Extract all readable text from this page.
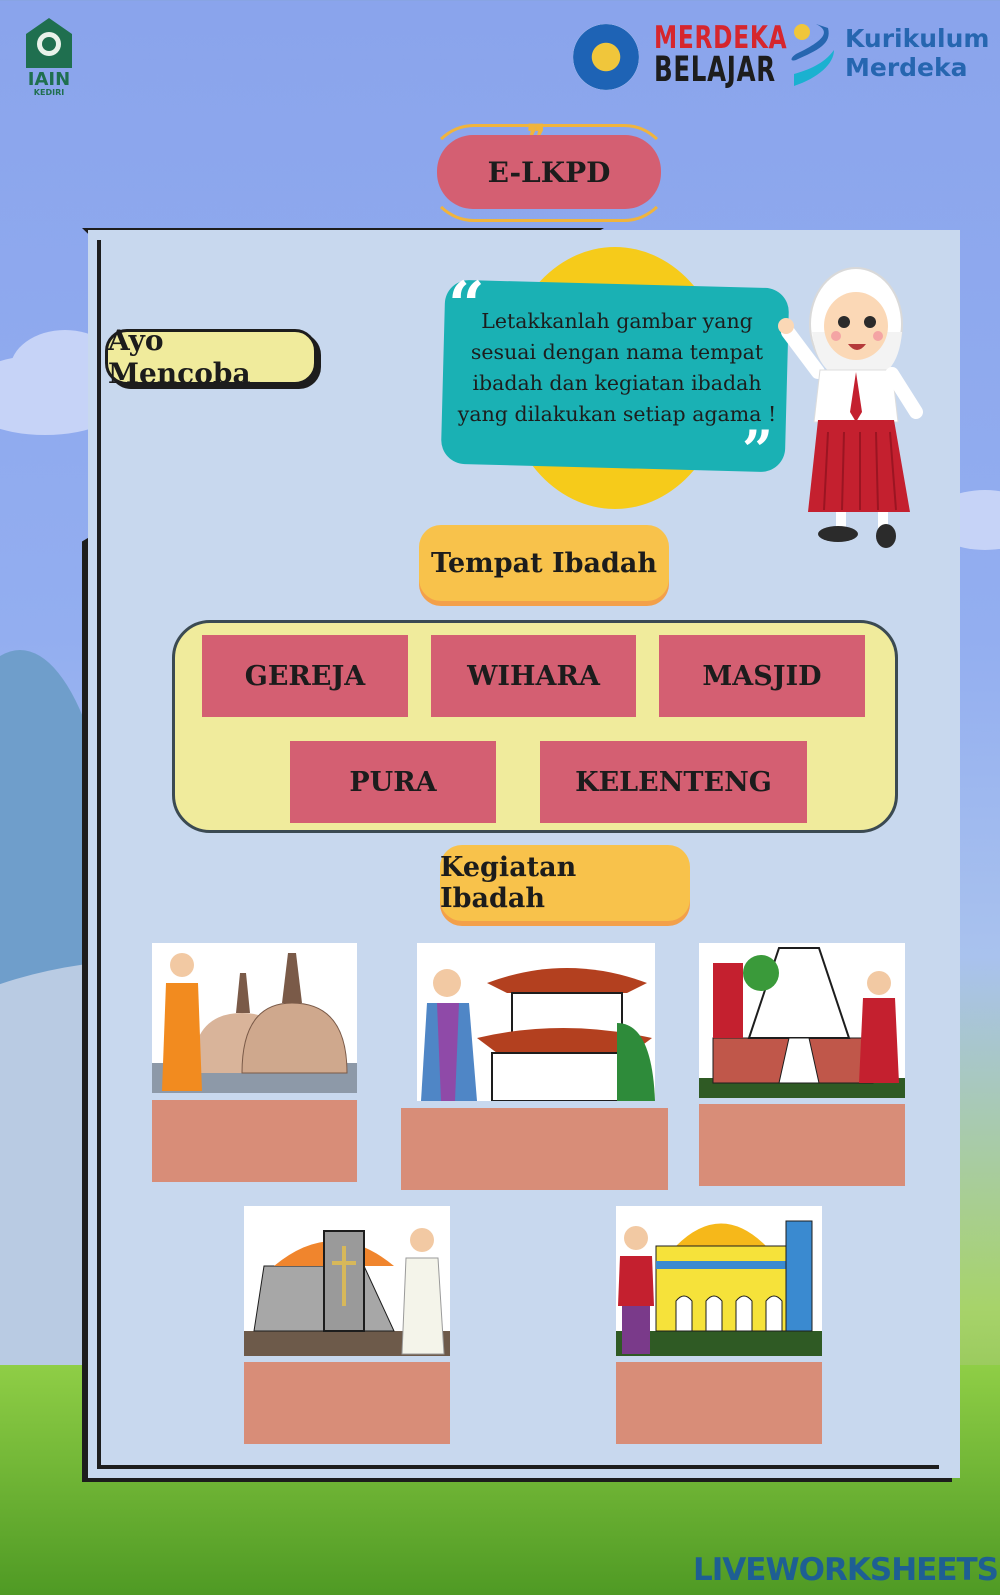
IAIN
KEDIRI
MERDEKA
BELAJAR
Kurikulum
Merdeka
E-LKPD
Ayo Mencoba
“
Letakkanlah gambar yang sesuai dengan nama tempat ibadah dan kegiatan ibadah yang dilakukan setiap agama !
”
Tempat Ibadah
GEREJA	WIHARA	MASJID
PURA	KELENTENG
Kegiatan Ibadah
LIVEWORKSHEETS
